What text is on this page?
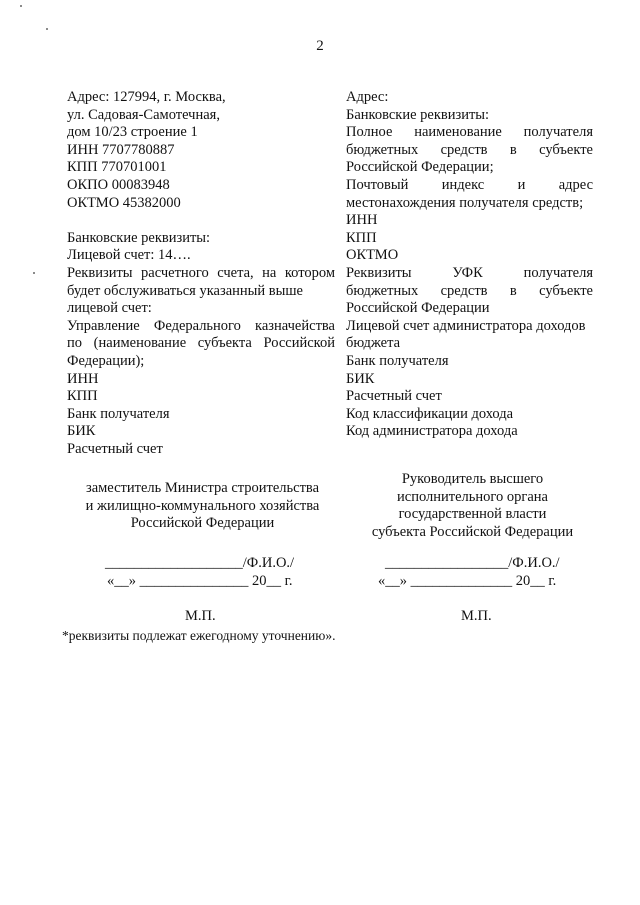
2
Адрес: 127994, г. Москва,
ул. Садовая-Самотечная,
дом 10/23 строение 1
ИНН 7707780887
КПП 770701001
ОКПО 00083948
ОКТМО 45382000
Банковские реквизиты:
Лицевой счет: 14….
Реквизиты расчетного счета, на котором
будет обслуживаться указанный выше
лицевой счет:
Управление Федерального казначейства
по (наименование субъекта Российской
Федерации);
ИНН
КПП
Банк получателя
БИК
Расчетный счет
Адрес:
Банковские реквизиты:
Полное наименование получателя
бюджетных средств в субъекте
Российской Федерации;
Почтовый индекс и адрес
местонахождения получателя средств;
ИНН
КПП
ОКТМО
Реквизиты УФК получателя
бюджетных средств в субъекте
Российской Федерации
Лицевой счет администратора доходов
бюджета
Банк получателя
БИК
Расчетный счет
Код классификации дохода
Код администратора дохода
заместитель Министра строительства
и жилищно-коммунального хозяйства
Российской Федерации
Руководитель высшего
исполнительного органа
государственной власти
субъекта Российской Федерации
___________________/Ф.И.О./
«__» _______________ 20__ г.
М.П.
_________________/Ф.И.О./
«__» ______________ 20__ г.
М.П.
*реквизиты подлежат ежегодному уточнению».
